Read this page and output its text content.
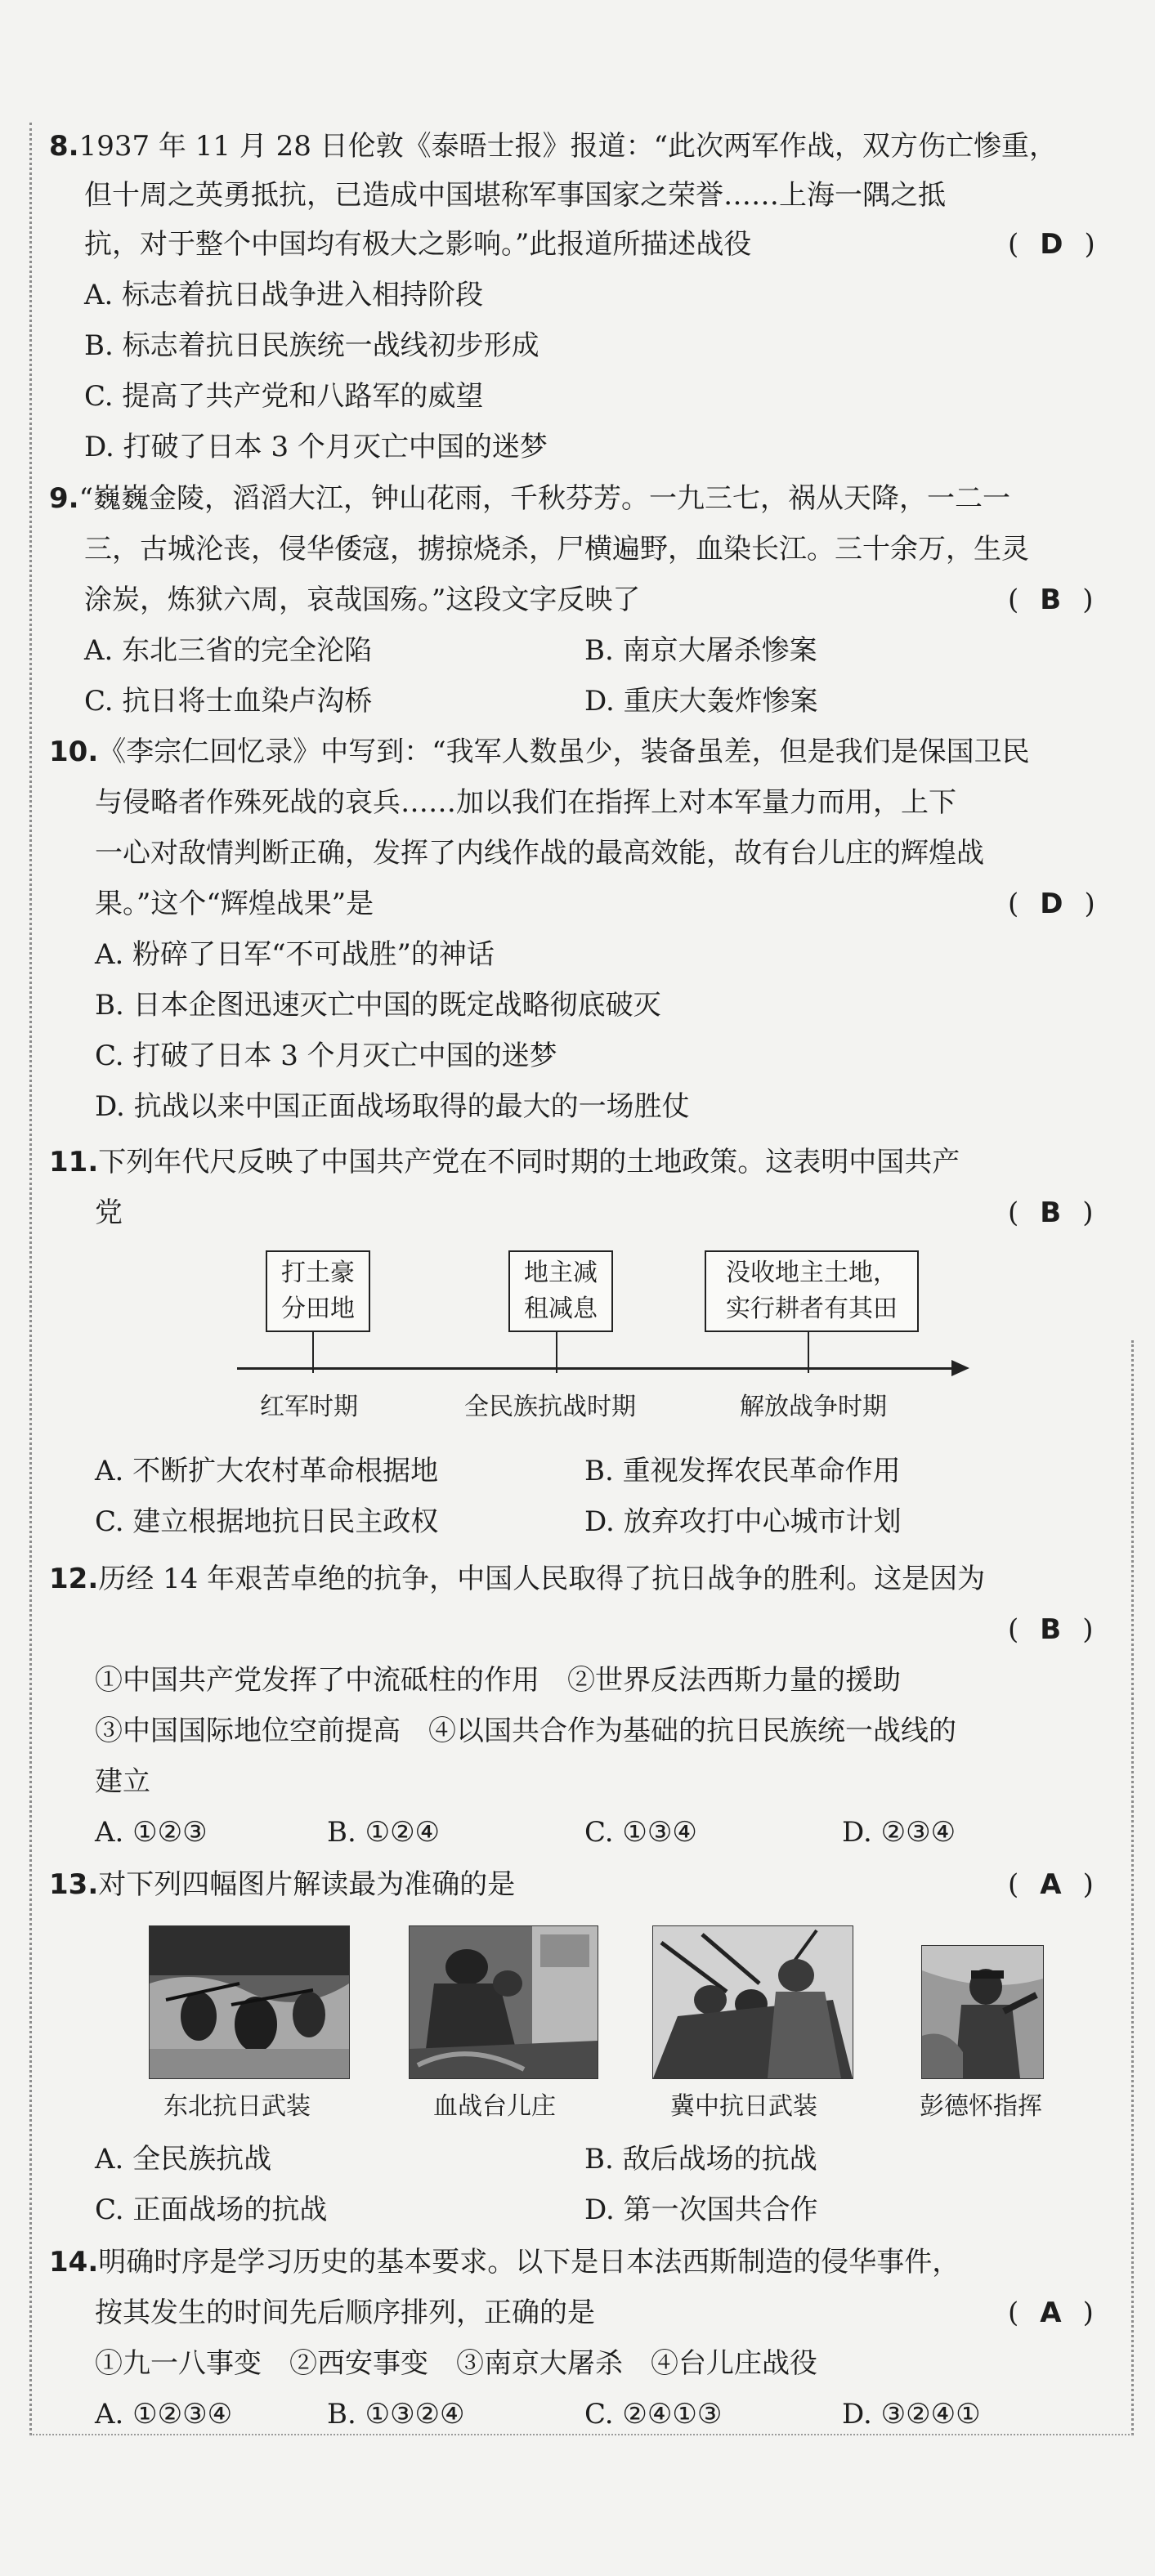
8.1937 年 11 月 28 日伦敦《泰晤士报》报道：“此次两军作战，双方伤亡惨重，
但十周之英勇抵抗，已造成中国堪称军事国家之荣誉……上海一隅之抵
抗，对于整个中国均有极大之影响。”此报道所描述战役	( D )
A. 标志着抗日战争进入相持阶段
B. 标志着抗日民族统一战线初步形成
C. 提高了共产党和八路军的威望
D. 打破了日本 3 个月灭亡中国的迷梦
9.“巍巍金陵，滔滔大江，钟山花雨，千秋芬芳。一九三七，祸从天降，一二一
三，古城沦丧，侵华倭寇，掳掠烧杀，尸横遍野，血染长江。三十余万，生灵
涂炭，炼狱六周，哀哉国殇。”这段文字反映了	( B )
A. 东北三省的完全沦陷	B. 南京大屠杀惨案
C. 抗日将士血染卢沟桥	D. 重庆大轰炸惨案
10.《李宗仁回忆录》中写到：“我军人数虽少，装备虽差，但是我们是保国卫民
与侵略者作殊死战的哀兵……加以我们在指挥上对本军量力而用，上下
一心对敌情判断正确，发挥了内线作战的最高效能，故有台儿庄的辉煌战
果。”这个“辉煌战果”是	( D )
A. 粉碎了日军“不可战胜”的神话
B. 日本企图迅速灭亡中国的既定战略彻底破灭
C. 打破了日本 3 个月灭亡中国的迷梦
D. 抗战以来中国正面战场取得的最大的一场胜仗
11.下列年代尺反映了中国共产党在不同时期的土地政策。这表明中国共产
党	( B )
打土豪
分田地
地主减
租减息
没收地主土地，
实行耕者有其田
红军时期	全民族抗战时期	解放战争时期
A. 不断扩大农村革命根据地	B. 重视发挥农民革命作用
C. 建立根据地抗日民主政权	D. 放弃攻打中心城市计划
12.历经 14 年艰苦卓绝的抗争，中国人民取得了抗日战争的胜利。这是因为
( B )
①中国共产党发挥了中流砥柱的作用　②世界反法西斯力量的援助
③中国国际地位空前提高　④以国共合作为基础的抗日民族统一战线的
建立
A. ①②③	B. ①②④	C. ①③④	D. ②③④
13.对下列四幅图片解读最为准确的是	( A )
东北抗日武装	血战台儿庄	冀中抗日武装	彭德怀指挥
A. 全民族抗战	B. 敌后战场的抗战
C. 正面战场的抗战	D. 第一次国共合作
14.明确时序是学习历史的基本要求。以下是日本法西斯制造的侵华事件，
按其发生的时间先后顺序排列，正确的是	( A )
①九一八事变　②西安事变　③南京大屠杀　④台儿庄战役
A. ①②③④	B. ①③②④	C. ②④①③	D. ③②④①
